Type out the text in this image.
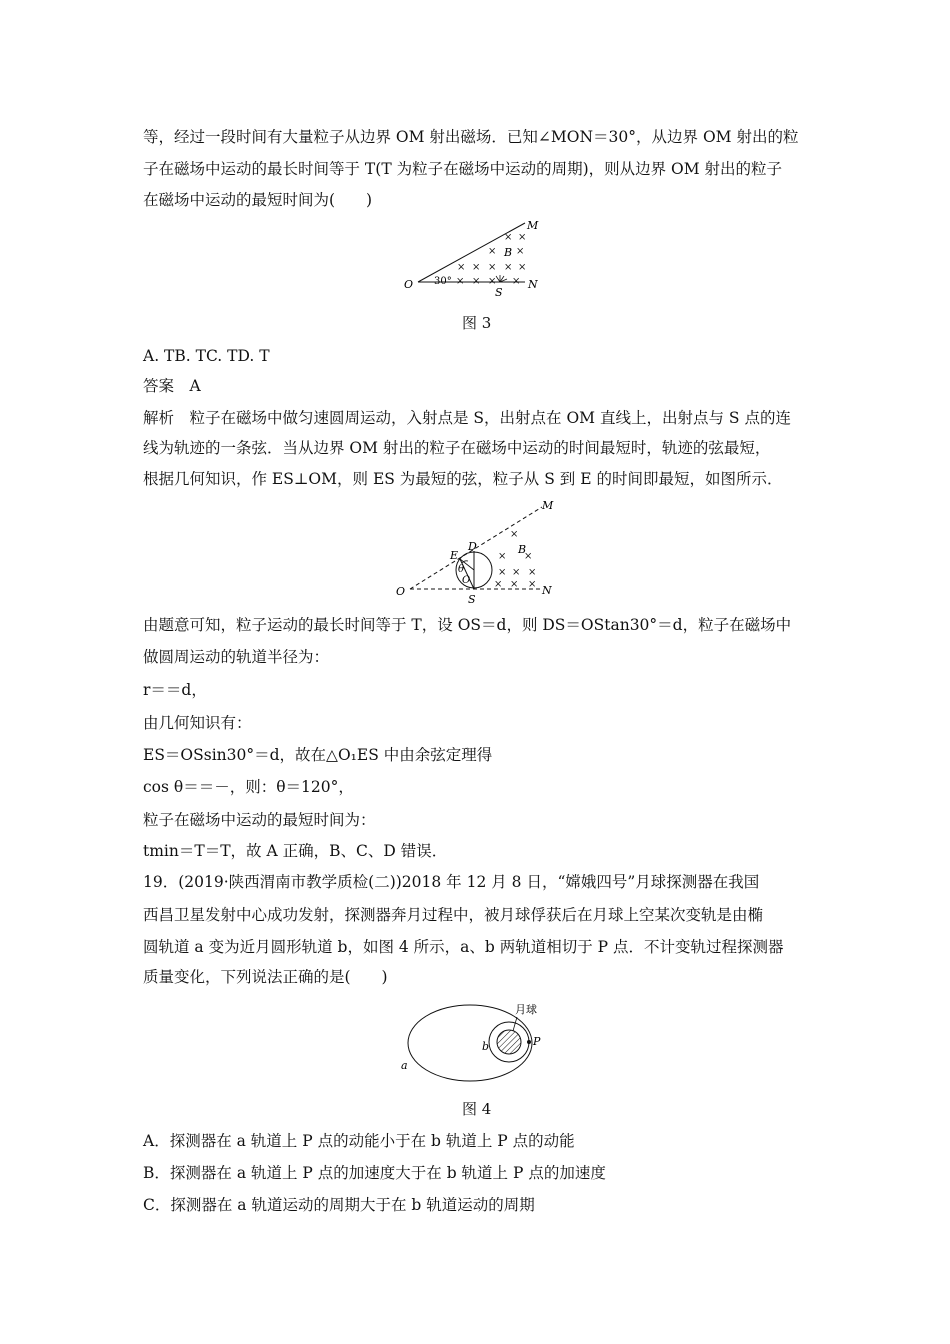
等，经过一段时间有大量粒子从边界 OM 射出磁场．已知∠MON＝30°，从边界 OM 射出的粒
子在磁场中运动的最长时间等于 T(T 为粒子在磁场中运动的周期)，则从边界 OM 射出的粒子
在磁场中运动的最短时间为(　　)
O
M
N
S
B
30°
× ×
× ×
× × × × ×
× × × ×
图 3
A. TB. TC. TD. T
答案　A
解析　粒子在磁场中做匀速圆周运动，入射点是 S，出射点在 OM 直线上，出射点与 S 点的连
线为轨迹的一条弦．当从边界 OM 射出的粒子在磁场中运动的时间最短时，轨迹的弦最短，
根据几何知识，作 ES⊥OM，则 ES 为最短的弦，粒子从 S 到 E 的时间即最短，如图所示．
O
M
N
S
B
D
E
θ
O
×
× ×
× × ×
× × ×
由题意可知，粒子运动的最长时间等于 T，设 OS＝d，则 DS＝OStan30°＝d，粒子在磁场中
做圆周运动的轨道半径为：
r＝＝d，
由几何知识有：
ES＝OSsin30°＝d，故在△O₁ES 中由余弦定理得
cos θ＝＝－，则：θ＝120°，
粒子在磁场中运动的最短时间为：
tmin＝T＝T，故 A 正确，B、C、D 错误．
19．(2019·陕西渭南市教学质检(二))2018 年 12 月 8 日，“嫦娥四号”月球探测器在我国
西昌卫星发射中心成功发射，探测器奔月过程中，被月球俘获后在月球上空某次变轨是由椭
圆轨道 a 变为近月圆形轨道 b，如图 4 所示，a、b 两轨道相切于 P 点．不计变轨过程探测器
质量变化，下列说法正确的是(　　)
月球
b	P
a
图 4
A．探测器在 a 轨道上 P 点的动能小于在 b 轨道上 P 点的动能
B．探测器在 a 轨道上 P 点的加速度大于在 b 轨道上 P 点的加速度
C．探测器在 a 轨道运动的周期大于在 b 轨道运动的周期
